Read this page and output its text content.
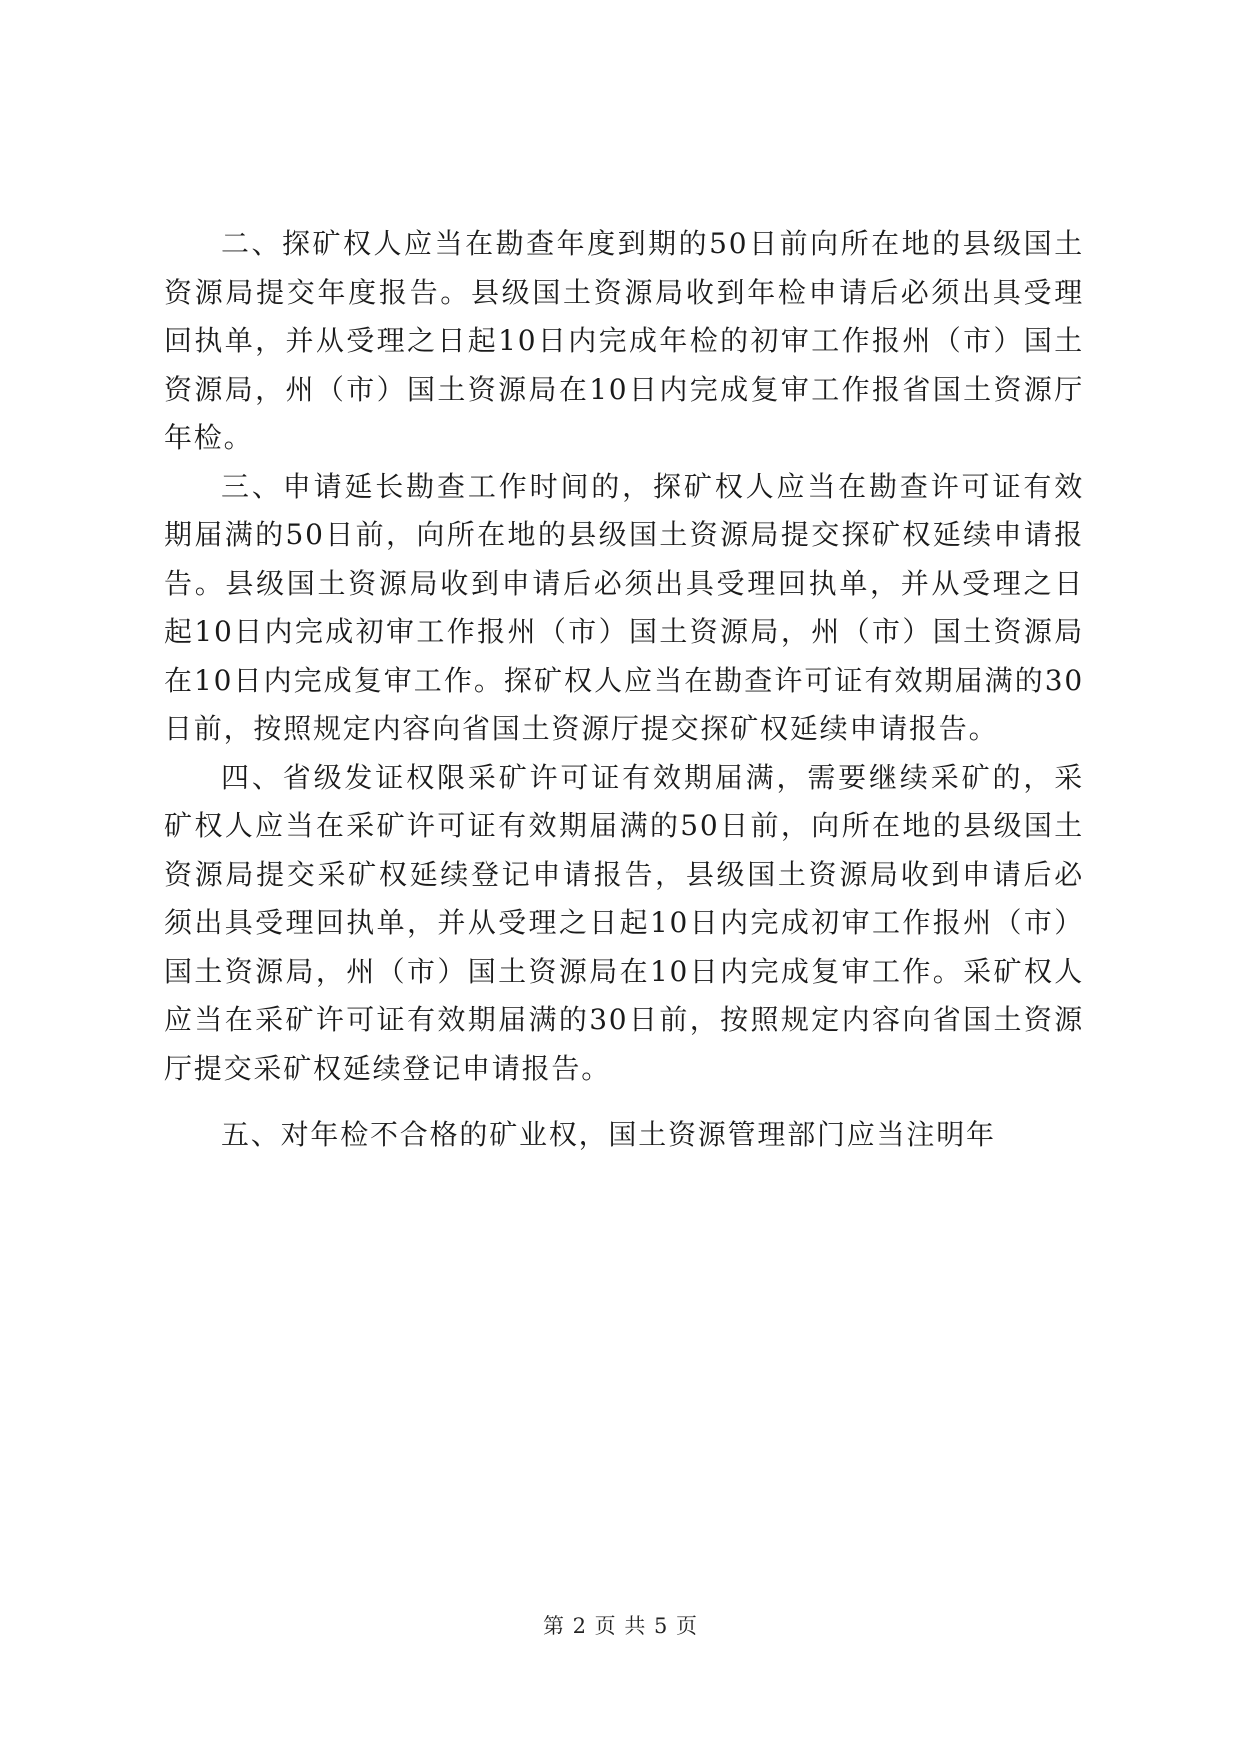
二、探矿权人应当在勘查年度到期的50日前向所在地的县级国土资源局提交年度报告。县级国土资源局收到年检申请后必须出具受理回执单，并从受理之日起10日内完成年检的初审工作报州（市）国土资源局，州（市）国土资源局在10日内完成复审工作报省国土资源厅年检。

三、申请延长勘查工作时间的，探矿权人应当在勘查许可证有效期届满的50日前，向所在地的县级国土资源局提交探矿权延续申请报告。县级国土资源局收到申请后必须出具受理回执单，并从受理之日起10日内完成初审工作报州（市）国土资源局，州（市）国土资源局在10日内完成复审工作。探矿权人应当在勘查许可证有效期届满的30日前，按照规定内容向省国土资源厅提交探矿权延续申请报告。

四、省级发证权限采矿许可证有效期届满，需要继续采矿的，采矿权人应当在采矿许可证有效期届满的50日前，向所在地的县级国土资源局提交采矿权延续登记申请报告，县级国土资源局收到申请后必须出具受理回执单，并从受理之日起10日内完成初审工作报州（市）国土资源局，州（市）国土资源局在10日内完成复审工作。采矿权人应当在采矿许可证有效期届满的30日前，按照规定内容向省国土资源厅提交采矿权延续登记申请报告。

五、对年检不合格的矿业权，国土资源管理部门应当注明年

第 2 页 共 5 页
